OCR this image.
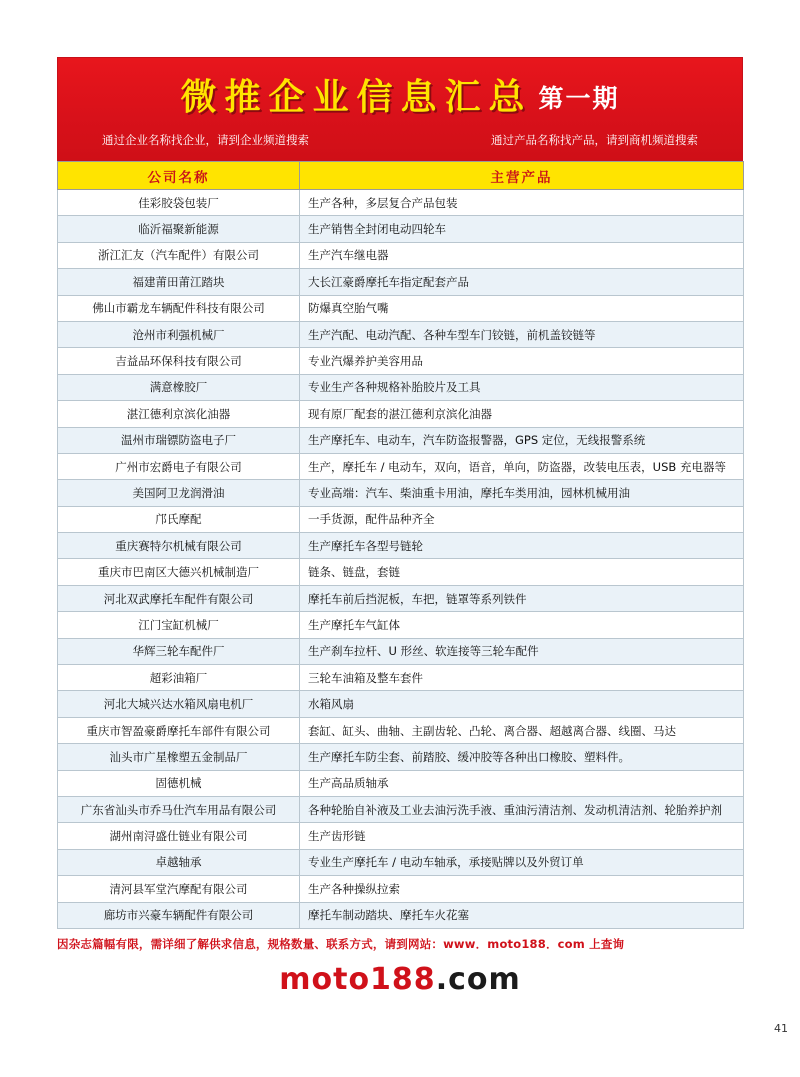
微推企业信息汇总 第一期
通过企业名称找企业，请到企业频道搜索	通过产品名称找产品，请到商机频道搜索
公司名称	主营产品
佳彩胶袋包装厂	生产各种，多层复合产品包装
临沂福聚新能源	生产销售全封闭电动四轮车
浙江汇友（汽车配件）有限公司	生产汽车继电器
福建莆田莆江踏块	大长江豪爵摩托车指定配套产品
佛山市霸龙车辆配件科技有限公司	防爆真空胎气嘴
沧州市利强机械厂	生产汽配、电动汽配、各种车型车门铰链，前机盖铰链等
吉益品环保科技有限公司	专业汽爆养护美容用品
满意橡胶厂	专业生产各种规格补胎胶片及工具
湛江德利京滨化油器	现有原厂配套的湛江德利京滨化油器
温州市瑞镖防盗电子厂	生产摩托车、电动车，汽车防盗报警器，GPS 定位，无线报警系统
广州市宏爵电子有限公司	生产，摩托车 / 电动车，双向，语音，单向，防盗器，改装电压表，USB 充电器等
美国阿卫龙润滑油	专业高端：汽车、柴油重卡用油，摩托车类用油，园林机械用油
邝氏摩配	一手货源，配件品种齐全
重庆赛特尔机械有限公司	生产摩托车各型号链轮
重庆市巴南区大德兴机械制造厂	链条、链盘，套链
河北双武摩托车配件有限公司	摩托车前后挡泥板，车把，链罩等系列铁件
江门宝缸机械厂	生产摩托车气缸体
华辉三轮车配件厂	生产刹车拉杆、U 形丝、软连接等三轮车配件
超彩油箱厂	三轮车油箱及整车套件
河北大城兴达水箱风扇电机厂	水箱风扇
重庆市智盈豪爵摩托车部件有限公司	套缸、缸头、曲轴、主副齿轮、凸轮、离合器、超越离合器、线圈、马达
汕头市广星橡塑五金制品厂	生产摩托车防尘套、前踏胶、缓冲胶等各种出口橡胶、塑料件。
固德机械	生产高品质轴承
广东省汕头市乔马仕汽车用品有限公司	各种轮胎自补液及工业去油污洗手液、重油污清洁剂、发动机清洁剂、轮胎养护剂
湖州南浔盛仕链业有限公司	生产齿形链
卓越轴承	专业生产摩托车 / 电动车轴承，承接贴牌以及外贸订单
清河县军堂汽摩配有限公司	生产各种操纵拉索
廊坊市兴豪车辆配件有限公司	摩托车制动踏块、摩托车火花塞
因杂志篇幅有限，需详细了解供求信息，规格数量、联系方式，请到网站：www．moto188．com 上查询
moto188.com
41
